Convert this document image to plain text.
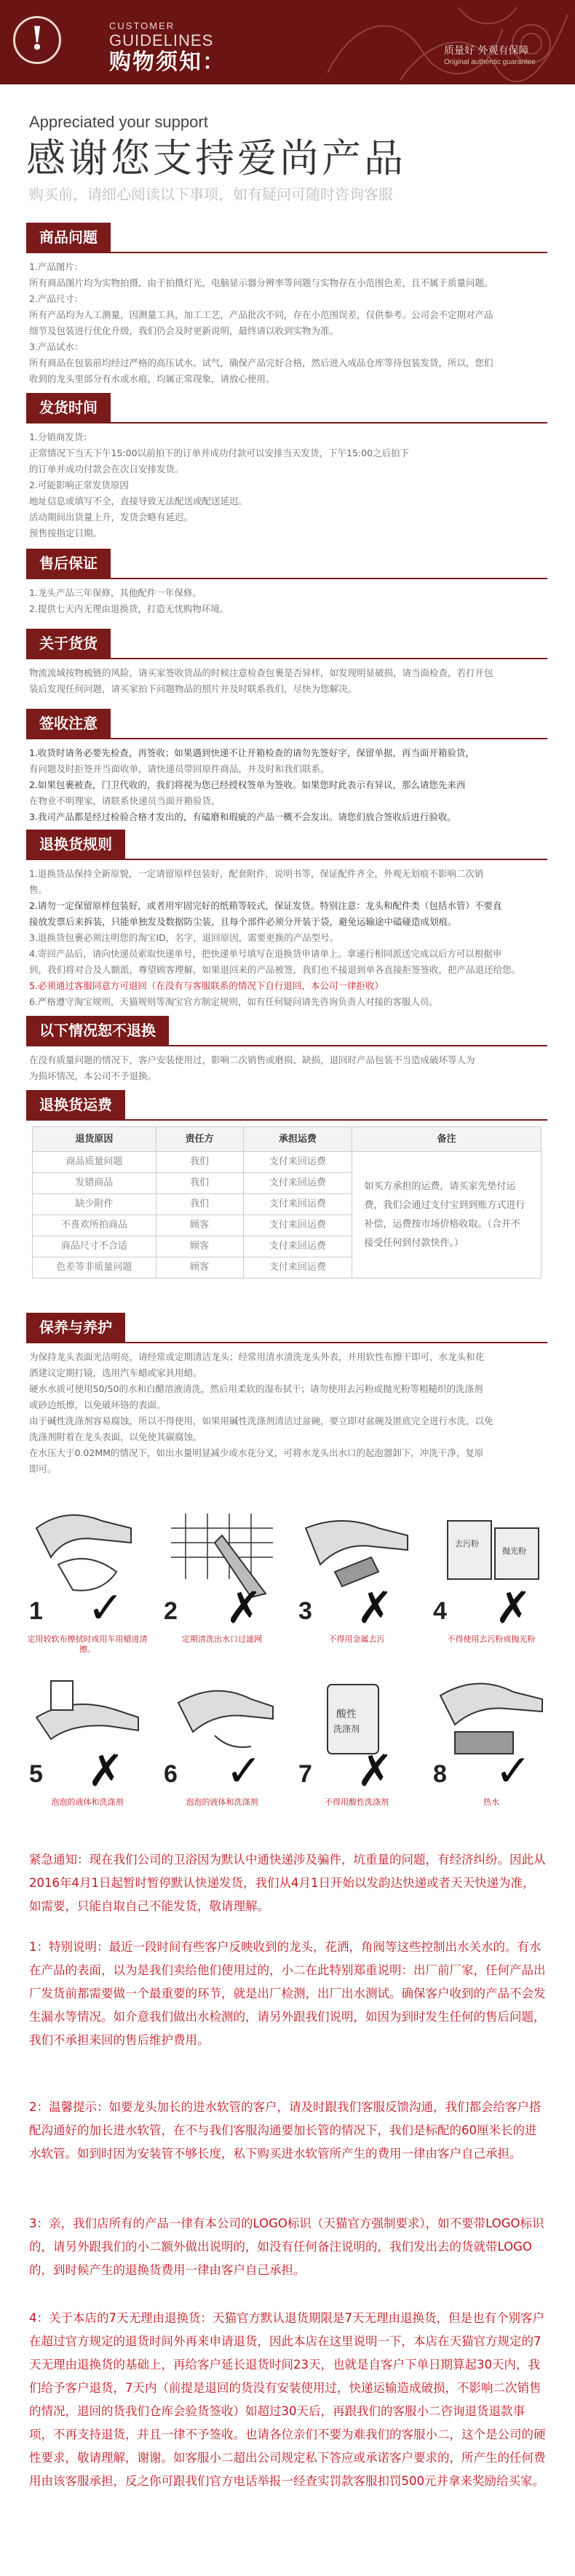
!	CUSTOMER
GUIDELINES
购物须知：	质量好 外观有保障
Original authentic guarantee
Appreciated your support
感谢您支持爱尚产品
购买前，请细心阅读以下事项，如有疑问可随时咨询客服
商品问题

1.产品图片：

所有商品图片均为实物拍摄，由于拍摄灯光，电脑显示器分辨率等问题与实物存在小范围色差，且不属于质量问题。

2.产品尺寸：

所有产品均为人工测量，因测量工具，加工工艺，产品批次不同，存在小范围误差，仅供参考。公司会不定期对产品

细节及包装进行优化升级，我们仍会及时更新说明，最终请以收到实物为准。

3.产品试水：

所有商品在包装前均经过严格的高压试水、试气，确保产品完好合格，然后进入成品仓库等待包装发货，所以，您们

收到的龙头里部分有水或水痕，均属正常现象，请放心使用。

发货时间

1.分销商发货：

正常情况下当天下午15:00以前拍下的订单并成功付款可以安排当天发货，下午15:00之后拍下

的订单并成功付款会在次日安排发货。

2.可能影响正常发货原因

地址信息或填写不全，直接导致无法配送或配送延迟。

活动期间出货量上升，发货会略有延迟。

预售按指定日期。

售后保证

1.龙头产品三年保修，其他配件一年保修。

2.提供七天内无理由退换货，打造无忧购物环境。

关于货货

物流流域按物梳链的风险，请买家签收货品的时候注意检查包裹是否异样，如发现明显破损，请当面检查，若打开包

装后发现任何问题，请买家拍下问题物品的照片并及时联系我们，尽快为您解决。

签收注意

1.收货时请务必要先检查，再签收；如果遇到快递不让开箱检查的请勿先签好字，保留单据，再当面开箱验货，

有问题及时拒签并当面收单，请快递员带回原件商品，并及时和我们联系。

2.如果包裹被查，门卫代收的，我们将视为您已经授权签单为签收。如果您时此表示有异议，那么请您先来西

在物业不明理家，请联系快递员当面开箱验货。

3.我司产品都是经过检验合格才发出的，有磕磨和瑕疵的产品一概不会发出。请您们放合签收后进行验收。

退换货规则

1.退换货品保持全新原貌，一定请留原样包装好，配套附件，说明书等，保证配件齐全，外观无划痕不影响二次销

售。

2.请勿一定保留原样包装好，或者用牢固完好的纸箱等较式，保证发货。特别注意：龙头和配件类（包括水管）不要直

接放发票后来拆装，只能单独发及数据防尘装，且每个部件必须分开装于袋，避免运输途中磕碰造成划痕。

3.退换货包裹必须注明您的淘宝ID，名字，退回原因，需要更换的产品型号。

4.寄回产品后，请向快递员索取快递单号，把快递单号填写在退换货申请单上。拿递行相同派送完成以后方可以根据申

到，我们将对合及人额派，尊望顾客理解，如果退回来的产品被签，我们也不接退到单各直接拒签签收，把产品退还给您。

5.必须通过客服同意方可退回（在没有与客服联系的情况下自行退回，本公司一律拒收）

6.严格遵守淘宝规则，天猫规则等淘宝官方制定规则，如有任何疑问请先咨询负责人对接的客服人员。

以下情况恕不退换

在没有质量问题的情况下，客户安装使用过，影响二次销售或磨损、缺损，退回时产品包装不当造成破坏等人为

为损坏情况，本公司不予退换。

退换货运费
退货原因	责任方	承担运费	备注
商品质量问题	我们	支付来回运费	如买方承担的运费，请买家先垫付运费，我们会通过支付宝到到账方式进行补偿，运费按市场价格收取。（合并不接受任何到付款快件。）
发错商品	我们	支付来回运费	
缺少附件	我们	支付来回运费	
不喜欢所拍商品	顾客	支付来回运费	
商品尺寸不合适	顾客	支付来回运费	
色差等非质量问题	顾客	支付来回运费	
保养与养护

为保持龙头表面光洁明亮，请经常或定期清洁龙头；经常用清水清洗龙头外表，并用软性布擦干即可，水龙头和花

洒建议定期打镜，选用汽车蜡或家具用蜡。

硬水水质可使用50/50的水和白醋溶液清洗，然后用柔软的湿布拭干；请勿使用去污粉或抛光粉等粗糙织的洗涤剂

或砂边纸擦，以免破坏铬的表面。

由于碱性洗涤剂容易腐蚀，所以不得使用，如果用碱性洗涤剂清洁过盆碗，要立即对盆碗及匿底完全进行水洗，以免

洗涤剂附着在龙头表面，以免使其碳腐蚀。

在水压大于0.02MM的情况下，如出水量明显减少或水花分叉，可将水龙头出水口的起泡器卸下，冲洗干净，复原

即可。

1 ✓
定用较软布擦拭时或用车用蜡进清擦。
2 ✗
定期清洗出水口过滤网
3 ✗
不得用金属去污
去污粉
抛光粉
4 ✗
不得使用去污粉或抛光粉
5 ✗
泡泡的液体和洗涤剂
6 ✓
泡泡的液体和洗涤剂
酸性
洗涤剂
7 ✗
不得用酸性洗涤剂
8 ✓
热水

紧急通知：现在我们公司的卫浴因为默认中通快递涉及骗件，坑重量的问题，有经济纠纷。因此从2016年4月1日起暂时暂停默认快递发货，我们从4月1日开始以发韵达快递或者天天快递为准，如需要，只能自取自己不能发货，敬请理解。

1：特别说明：最近一段时间有些客户反映收到的龙头，花洒，角阀等这些控制出水关水的。有水在产品的表面，以为是我们卖给他们使用过的，小二在此特别郑重说明：出厂前厂家，任何产品出厂发货前都需要做一个最重要的环节，就是出厂检测，出厂出水测试。确保客户收到的产品不会发生漏水等情况。如介意我们做出水检测的，请另外跟我们说明，如因为到时发生任何的售后问题，我们不承担来回的售后维护费用。

2：温馨提示：如要龙头加长的进水软管的客户，请及时跟我们客服反馈沟通，我们都会给客户搭配沟通好的加长进水软管，在不与我们客服沟通要加长管的情况下，我们是标配的60厘米长的进水软管。如到时因为安装管不够长度，私下购买进水软管所产生的费用一律由客户自己承担。

3：亲，我们店所有的产品一律有本公司的LOGO标识（天猫官方强制要求），如不要带LOGO标识的，请另外跟我们的小二额外做出说明的，如没有任何备注说明的，我们发出去的货就带LOGO的，到时候产生的退换货费用一律由客户自己承担。

4：关于本店的7天无理由退换货：天猫官方默认退货期限是7天无理由退换货，但是也有个别客户在超过官方规定的退货时间外再来申请退货，因此本店在这里说明一下，本店在天猫官方规定的7天无理由退换货的基础上，再给客户延长退货时间23天，也就是自客户下单日期算起30天内，我们给予客户退货，7天内（前提是退回的货没有安装使用过，快递运输造成破损，不影响二次销售的情况，退回的货我们仓库会验货签收）如超过30天后，再跟我们的客服小二咨询退货退款事项，不再支持退货，并且一律不予签收。也请各位亲们不要为难我们的客服小二，这个是公司的硬性要求，敬请理解，谢谢。如客服小二超出公司规定私下答应或承诺客户要求的，所产生的任何费用由该客服承担，反之你可跟我们官方电话举报一经查实罚款客服扣罚500元并拿来奖励给买家。
